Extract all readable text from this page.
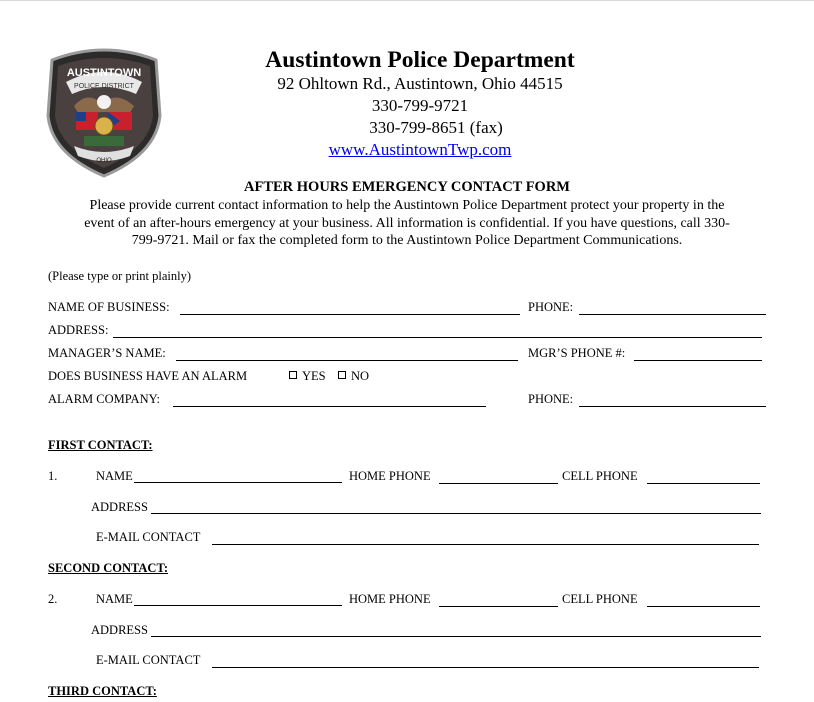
AUSTINTOWN
POLICE DISTRICT
OHIO
Austintown Police Department
92 Ohltown Rd., Austintown, Ohio 44515
330-799-9721
330-799-8651 (fax)
www.AustintownTwp.com
AFTER HOURS EMERGENCY CONTACT FORM
Please provide current contact information to help the Austintown Police Department protect your property in the
event of an after-hours emergency at your business. All information is confidential. If you have questions, call 330-
799-9721. Mail or fax the completed form to the Austintown Police Department Communications.
(Please type or print plainly)
NAME OF BUSINESS:	PHONE:
ADDRESS:
MANAGER’S NAME:	MGR’S PHONE #:
DOES BUSINESS HAVE AN ALARM	YES	NO
ALARM COMPANY:	PHONE:
FIRST CONTACT:
1.	NAME	HOME PHONE	CELL PHONE
ADDRESS
E-MAIL CONTACT
SECOND CONTACT:
2.	NAME	HOME PHONE	CELL PHONE
ADDRESS
E-MAIL CONTACT
THIRD CONTACT:
